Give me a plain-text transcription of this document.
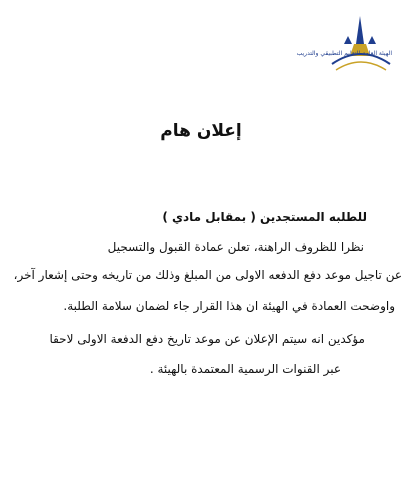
الهيئة العامة للتعليم التطبيقي والتدريب
إعلان هام
للطلبه المستجدين ( بمقابل مادي )
نظرا للظروف الراهنة، تعلن عمادة القبول والتسجيل
عن تاجيل موعد دفع الدفعه الاولى من المبلغ وذلك من تاريخه وحتى إشعار آخر،
واوضحت العمادة في الهيئة ان هذا القرار جاء لضمان سلامة الطلبة.
مؤكدين انه سيتم الإعلان عن موعد تاريخ دفع الدفعة الاولى لاحقا
عبر القنوات الرسمية المعتمدة بالهيئة .
